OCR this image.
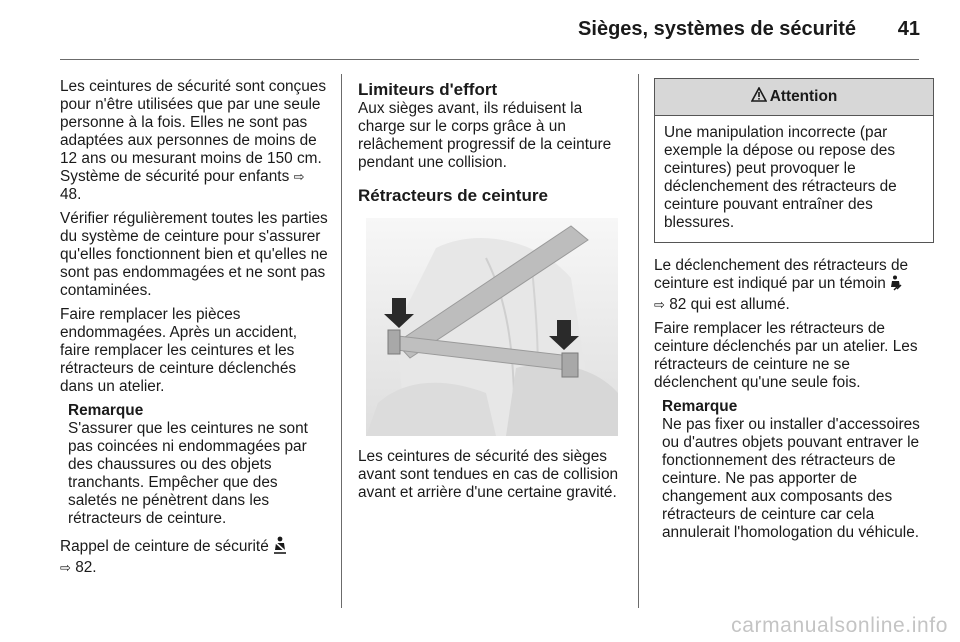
Sièges, systèmes de sécurité 41

Les ceintures de sécurité sont conçues pour n'être utilisées que par une seule personne à la fois. Elles ne sont pas adaptées aux personnes de moins de 12 ans ou mesurant moins de 150 cm. Système de sécurité pour enfants ⇨ 48.

Vérifier régulièrement toutes les parties du système de ceinture pour s'assurer qu'elles fonctionnent bien et qu'elles ne sont pas endommagées et ne sont pas contaminées.

Faire remplacer les pièces endommagées. Après un accident, faire remplacer les ceintures et les rétracteurs de ceinture déclenchés dans un atelier.

Remarque
S'assurer que les ceintures ne sont pas coincées ni endommagées par des chaussures ou des objets tranchants. Empêcher que des saletés ne pénètrent dans les rétracteurs de ceinture.

Rappel de ceinture de sécurité
⇨ 82.

Limiteurs d'effort

Aux sièges avant, ils réduisent la charge sur le corps grâce à un relâchement progressif de la ceinture pendant une collision.

Rétracteurs de ceinture

Les ceintures de sécurité des sièges avant sont tendues en cas de collision avant et arrière d'une certaine gravité.

Attention
Une manipulation incorrecte (par exemple la dépose ou repose des ceintures) peut provoquer le déclenchement des rétracteurs de ceinture pouvant entraîner des blessures.

Le déclenchement des rétracteurs de ceinture est indiqué par un témoin
⇨ 82 qui est allumé.

Faire remplacer les rétracteurs de ceinture déclenchés par un atelier. Les rétracteurs de ceinture ne se déclenchent qu'une seule fois.

Remarque
Ne pas fixer ou installer d'accessoires ou d'autres objets pouvant entraver le fonctionnement des rétracteurs de ceinture. Ne pas apporter de changement aux composants des rétracteurs de ceinture car cela annulerait l'homologation du véhicule.
carmanualsonline.info
